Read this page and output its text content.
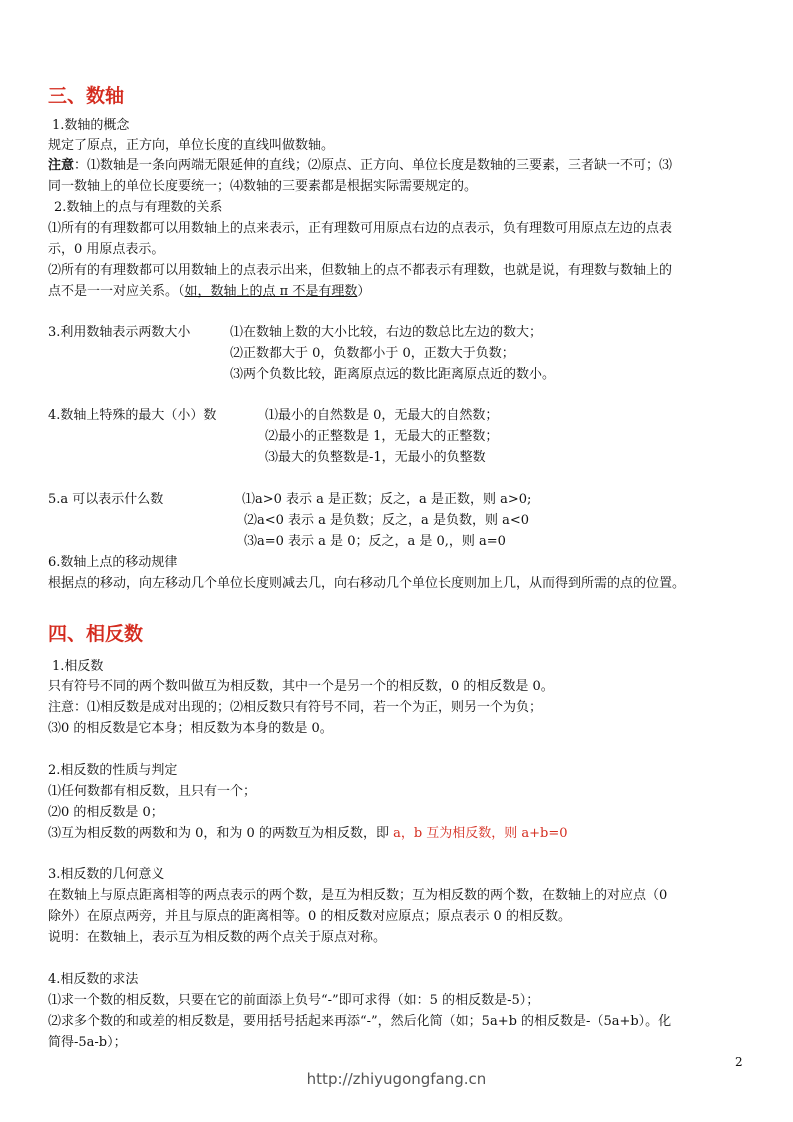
三、数轴
1.数轴的概念
规定了原点，正方向，单位长度的直线叫做数轴。
注意：⑴数轴是一条向两端无限延伸的直线；⑵原点、正方向、单位长度是数轴的三要素，三者缺一不可；⑶
同一数轴上的单位长度要统一；⑷数轴的三要素都是根据实际需要规定的。
2.数轴上的点与有理数的关系
⑴所有的有理数都可以用数轴上的点来表示，正有理数可用原点右边的点表示，负有理数可用原点左边的点表
示，0 用原点表示。
⑵所有的有理数都可以用数轴上的点表示出来，但数轴上的点不都表示有理数，也就是说，有理数与数轴上的
点不是一一对应关系。（如，数轴上的点 π 不是有理数）
3.利用数轴表示两数大小	⑴在数轴上数的大小比较，右边的数总比左边的数大；
⑵正数都大于 0，负数都小于 0，正数大于负数；
⑶两个负数比较，距离原点远的数比距离原点近的数小。
4.数轴上特殊的最大（小）数	⑴最小的自然数是 0，无最大的自然数；
⑵最小的正整数是 1，无最大的正整数；
⑶最大的负整数是-1，无最小的负整数
5.a 可以表示什么数	⑴a>0 表示 a 是正数；反之，a 是正数，则 a>0;
⑵a<0 表示 a 是负数；反之，a 是负数，则 a<0
⑶a=0 表示 a 是 0；反之，a 是 0,，则 a=0
6.数轴上点的移动规律
根据点的移动，向左移动几个单位长度则减去几，向右移动几个单位长度则加上几，从而得到所需的点的位置。
四、相反数
1.相反数
只有符号不同的两个数叫做互为相反数，其中一个是另一个的相反数，0 的相反数是 0。
注意：⑴相反数是成对出现的；⑵相反数只有符号不同，若一个为正，则另一个为负；
⑶0 的相反数是它本身；相反数为本身的数是 0。
2.相反数的性质与判定
⑴任何数都有相反数，且只有一个；
⑵0 的相反数是 0；
⑶互为相反数的两数和为 0，和为 0 的两数互为相反数，即 a，b 互为相反数，则 a+b=0
3.相反数的几何意义
在数轴上与原点距离相等的两点表示的两个数，是互为相反数；互为相反数的两个数，在数轴上的对应点（0
除外）在原点两旁，并且与原点的距离相等。0 的相反数对应原点；原点表示 0 的相反数。
说明：在数轴上，表示互为相反数的两个点关于原点对称。
4.相反数的求法
⑴求一个数的相反数，只要在它的前面添上负号“-”即可求得（如：5 的相反数是-5）；
⑵求多个数的和或差的相反数是，要用括号括起来再添“-”，然后化简（如；5a+b 的相反数是-（5a+b）。化
简得-5a-b）；
2
http://zhiyugongfang.cn
